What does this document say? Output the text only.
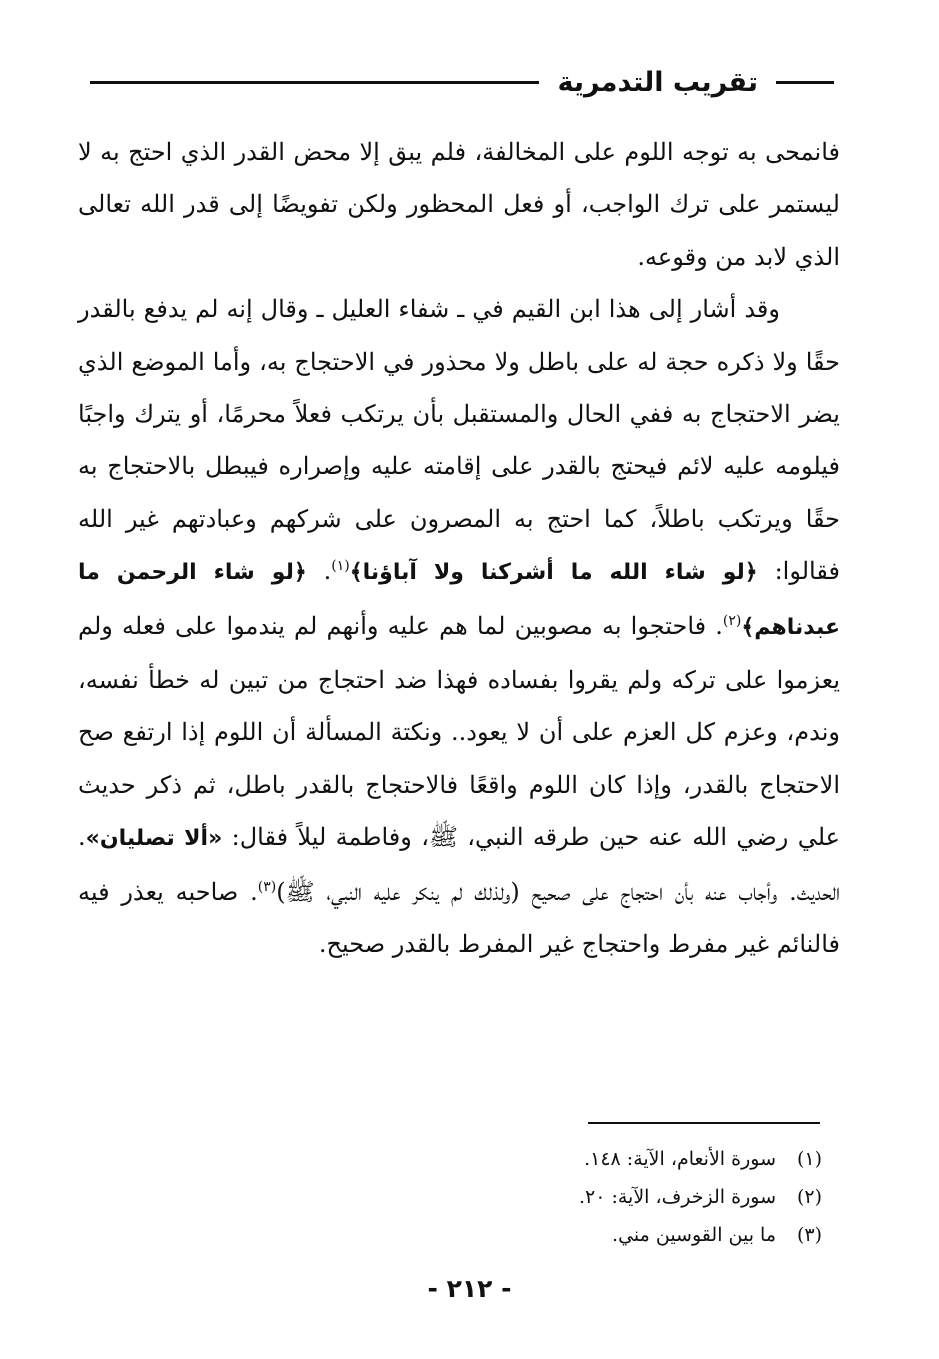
تقريب التدمرية

فانمحى به توجه اللوم على المخالفة، فلم يبق إلا محض القدر الذي احتج به لا ليستمر على ترك الواجب، أو فعل المحظور ولكن تفويضًا إلى قدر الله تعالى الذي لابد من وقوعه.

وقد أشار إلى هذا ابن القيم في ـ شفاء العليل ـ وقال إنه لم يدفع بالقدر حقًا ولا ذكره حجة له على باطل ولا محذور في الاحتجاج به، وأما الموضع الذي يضر الاحتجاج به ففي الحال والمستقبل بأن يرتكب فعلاً محرمًا، أو يترك واجبًا فيلومه عليه لائم فيحتج بالقدر على إقامته عليه وإصراره فيبطل بالاحتجاج به حقًا ويرتكب باطلاً، كما احتج به المصرون على شركهم وعبادتهم غير الله فقالوا: ﴿لو شاء الله ما أشركنا ولا آباؤنا﴾$^{(١)}$. ﴿لو شاء الرحمن ما عبدناهم﴾$^{(٢)}$. فاحتجوا به مصوبين لما هم عليه وأنهم لم يندموا على فعله ولم يعزموا على تركه ولم يقروا بفساده فهذا ضد احتجاج من تبين له خطأ نفسه، وندم، وعزم كل العزم على أن لا يعود.. ونكتة المسألة أن اللوم إذا ارتفع صح الاحتجاج بالقدر، وإذا كان اللوم واقعًا فالاحتجاج بالقدر باطل، ثم ذكر حديث علي رضي الله عنه حين طرقه النبي، ﷺ، وفاطمة ليلاً فقال: «ألا تصليان». الحديث. وأجاب عنه بأن احتجاج على صحيح (ولذلك لم ينكر عليه النبي، ﷺ)$^{(٣)}$. صاحبه يعذر فيه فالنائم غير مفرط واحتجاج غير المفرط بالقدر صحيح.

(١)
سورة الأنعام، الآية: ١٤٨.
(٢)
سورة الزخرف، الآية: ٢٠.
(٣)
ما بين القوسين مني.
- ٢١٢ -
